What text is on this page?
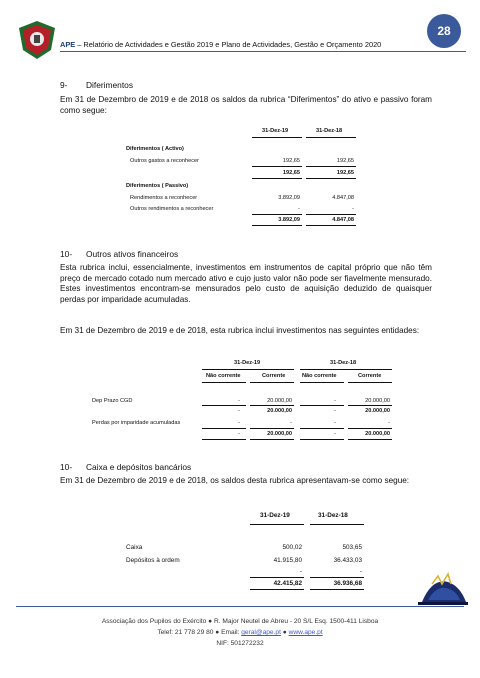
APE – Relatório de Actividades e Gestão 2019 e Plano de Actividades, Gestão e Orçamento 2020
28
9- Diferimentos
Em 31 de Dezembro de 2019 e de 2018 os saldos da rubrica “Diferimentos” do ativo e passivo foram como segue:
31-Dez-19	31-Dez-18
Diferimentos ( Activo)
Outros gastos a reconhecer	192,65	192,65
192,65	192,65
Diferimentos ( Passivo)
Rendimentos a reconhecer	3.892,09	4.847,08
Outros rendimentos a reconhecer	-	-
3.892,09	4.847,08
10- Outros ativos financeiros
Esta rubrica inclui, essencialmente, investimentos em instrumentos de capital próprio que não têm preço de mercado cotado num mercado ativo e cujo justo valor não pode ser fiavelmente mensurado. Estes investimentos encontram-se mensurados pelo custo de aquisição deduzido de quaisquer perdas por imparidade acumuladas.
Em 31 de Dezembro de 2019 e de 2018, esta rubrica inclui investimentos nas seguintes entidades:
31-Dez-19	31-Dez-18
Não corrente	Corrente	Não corrente	Corrente
Dep Prazo CGD	-	20.000,00	-	20.000,00
-	20.000,00	-	20.000,00
Perdas por imparidade acumuladas	-	-	-	-
-	20.000,00	-	20.000,00
10- Caixa e depósitos bancários
Em 31 de Dezembro de 2019 e de 2018, os saldos desta rubrica apresentavam-se como segue:
31-Dez-19	31-Dez-18
Caixa	500,02	503,65
Depósitos à ordem	41.915,80	36.433,03
-	-
42.415,82	36.936,68
Associação dos Pupilos do Exército ● R. Major Neutel de Abreu - 20 S/L Esq. 1500-411 Lisboa
Telef: 21 778 29 80 ● Email: geral@ape.pt ● www.ape.pt
NIF: 501272232
